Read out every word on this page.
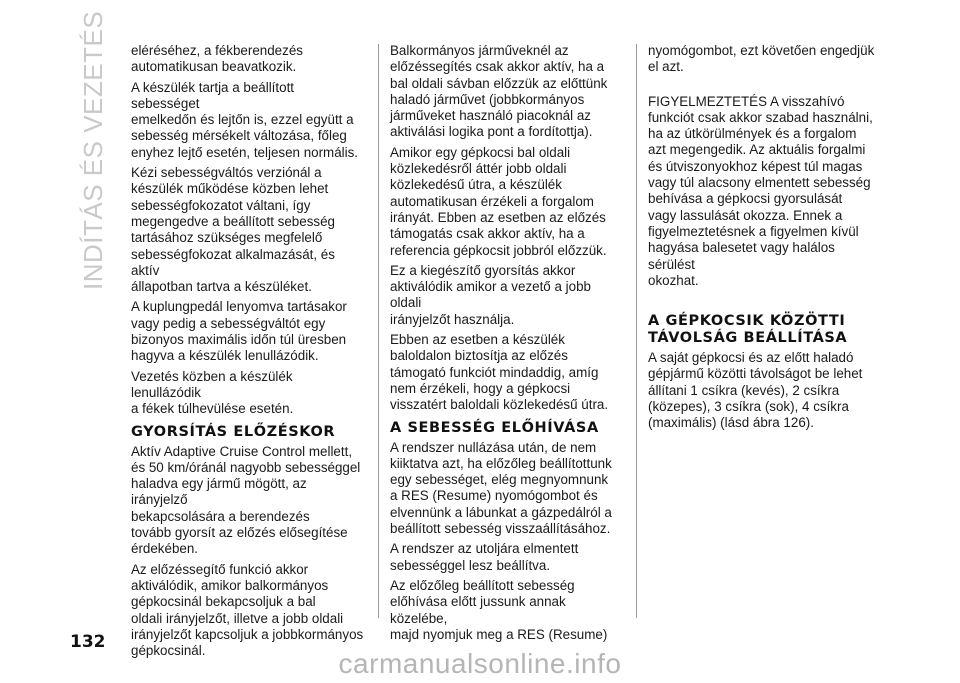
INDÍTÁS ÉS VEZETÉS eléréséhez, a fékberendezés
automatikusan beavatkozik.

A készülék tartja a beállított sebességet
emelkedőn és lejtőn is, ezzel együtt a
sebesség mérsékelt változása, főleg
enyhez lejtő esetén, teljesen normális.

Kézi sebességváltós verziónál a
készülék működése közben lehet
sebességfokozatot váltani, így
megengedve a beállított sebesség
tartásához szükséges megfelelő
sebességfokozat alkalmazását, és aktív
állapotban tartva a készüléket.

A kuplungpedál lenyomva tartásakor
vagy pedig a sebességváltót egy
bizonyos maximális időn túl üresben
hagyva a készülék lenullázódik.

Vezetés közben a készülék lenullázódik
a fékek túlhevülése esetén.

GYORSÍTÁS ELŐZÉSKOR

Aktív Adaptive Cruise Control mellett,
és 50 km/óránál nagyobb sebességgel
haladva egy jármű mögött, az irányjelző
bekapcsolására a berendezés
tovább gyorsít az előzés elősegítése
érdekében.

Az előzéssegítő funkció akkor
aktiválódik, amikor balkormányos
gépkocsinál bekapcsoljuk a bal
oldali irányjelzőt, illetve a jobb oldali
irányjelzőt kapcsoljuk a jobbkormányos
gépkocsinál.

Balkormányos járműveknél az
előzéssegítés csak akkor aktív, ha a
bal oldali sávban előzzük az előttünk
haladó járművet (jobbkormányos
járműveket használó piacoknál az
aktiválási logika pont a fordítottja).

Amikor egy gépkocsi bal oldali
közlekedésről áttér jobb oldali
közlekedésű útra, a készülék
automatikusan érzékeli a forgalom
irányát. Ebben az esetben az előzés
támogatás csak akkor aktív, ha a
referencia gépkocsit jobbról előzzük.

Ez a kiegészítő gyorsítás akkor
aktiválódik amikor a vezető a jobb oldali
irányjelzőt használja.

Ebben az esetben a készülék
baloldalon biztosítja az előzés
támogató funkciót mindaddig, amíg
nem érzékeli, hogy a gépkocsi
visszatért baloldali közlekedésű útra.

A SEBESSÉG ELŐHÍVÁSA

A rendszer nullázása után, de nem
kiiktatva azt, ha előzőleg beállítottunk
egy sebességet, elég megnyomnunk
a RES (Resume) nyomógombot és
elvennünk a lábunkat a gázpedálról a
beállított sebesség visszaállításához.

A rendszer az utoljára elmentett
sebességgel lesz beállítva.

Az előzőleg beállított sebesség
előhívása előtt jussunk annak közelébe,
majd nyomjuk meg a RES (Resume)

nyomógombot, ezt követően engedjük
el azt.

FIGYELMEZTETÉS A visszahívó
funkciót csak akkor szabad használni,
ha az útkörülmények és a forgalom
azt megengedik. Az aktuális forgalmi
és útviszonyokhoz képest túl magas
vagy túl alacsony elmentett sebesség
behívása a gépkocsi gyorsulását
vagy lassulását okozza. Ennek a
figyelmeztetésnek a figyelmen kívül
hagyása balesetet vagy halálos sérülést
okozhat.

A GÉPKOCSIK KÖZÖTTI
TÁVOLSÁG BEÁLLÍTÁSA

A saját gépkocsi és az előtt haladó
gépjármű közötti távolságot be lehet
állítani 1 csíkra (kevés), 2 csíkra
(közepes), 3 csíkra (sok), 4 csíkra
(maximális) (lásd ábra 126).

132
carmanualsonline.info
